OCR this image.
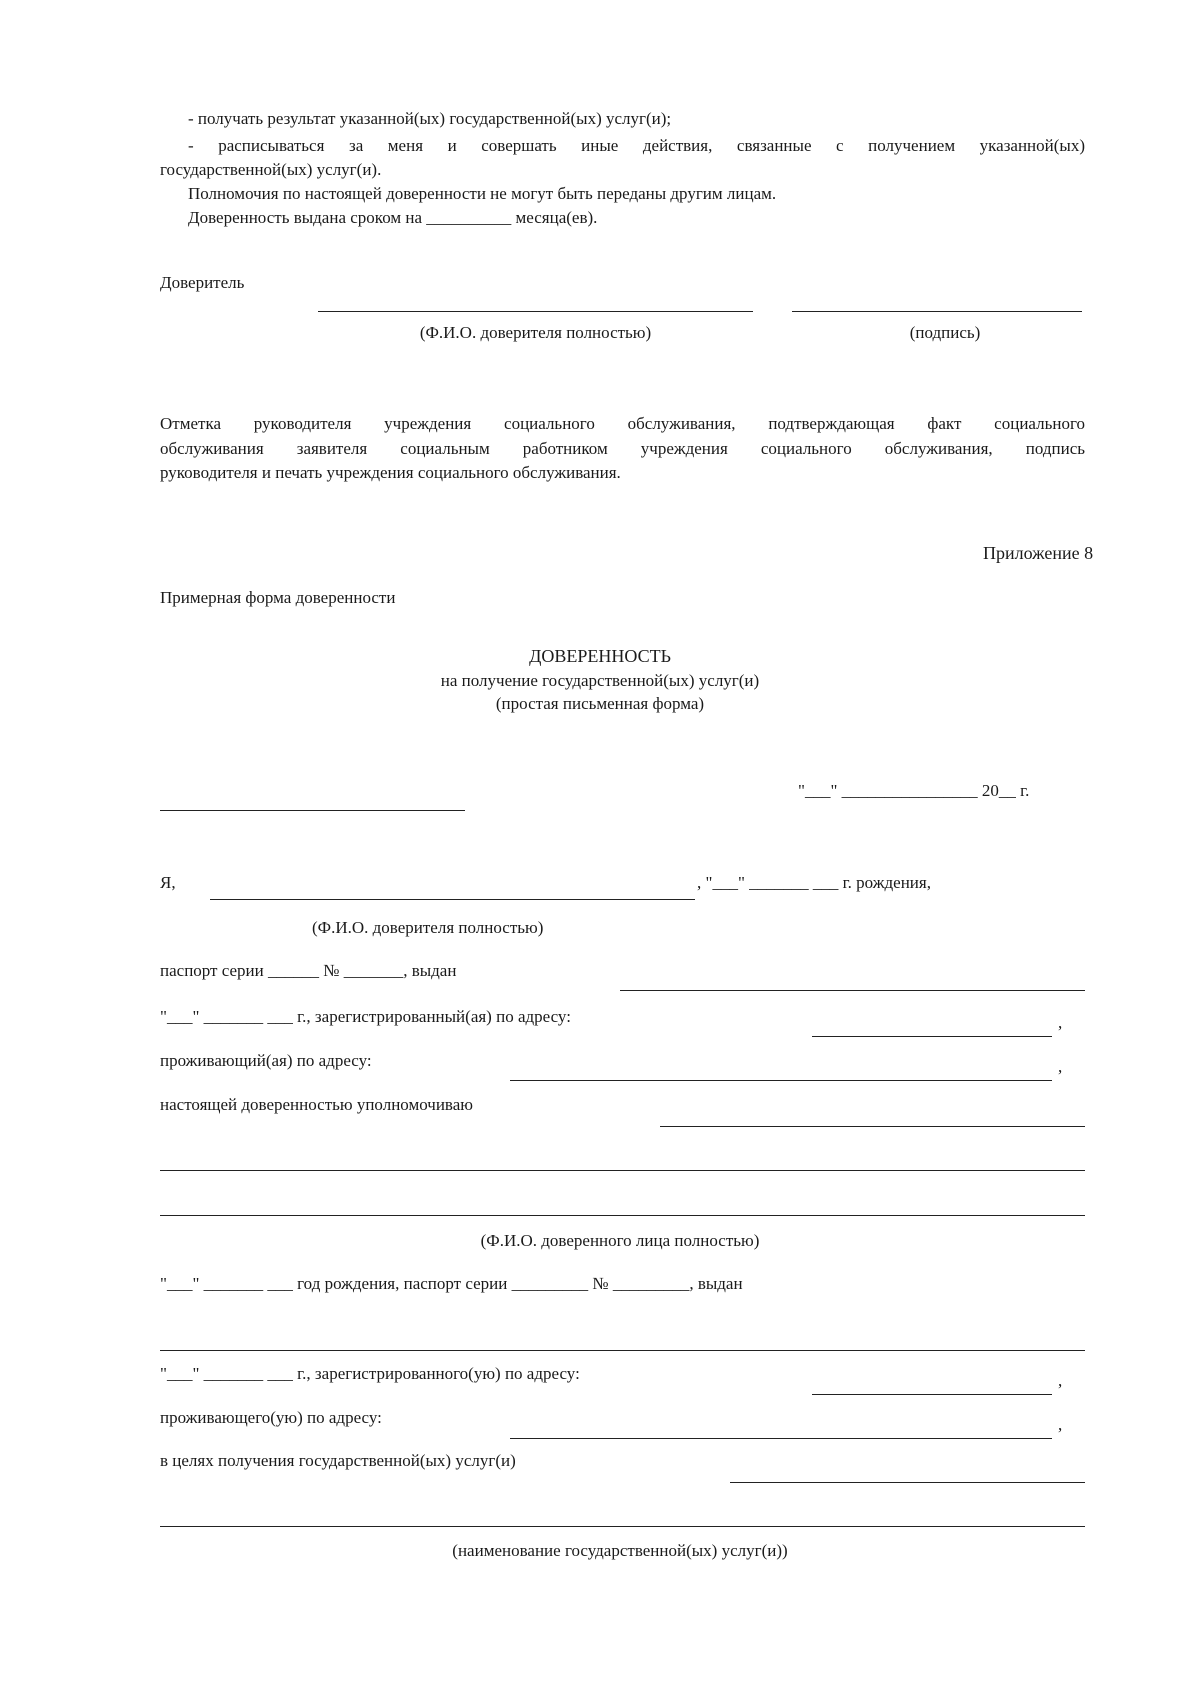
- получать результат указанной(ых) государственной(ых) услуг(и);
- расписываться за меня и совершать иные действия, связанные с получением указанной(ых)
государственной(ых) услуг(и).
Полномочия по настоящей доверенности не могут быть переданы другим лицам.
Доверенность выдана сроком на __________ месяца(ев).
Доверитель
(Ф.И.О. доверителя полностью)	(подпись)
Отметка руководителя учреждения социального обслуживания, подтверждающая факт социального
обслуживания заявителя социальным работником учреждения социального обслуживания, подпись
руководителя и печать учреждения социального обслуживания.
Приложение 8
Примерная форма доверенности
ДОВЕРЕННОСТЬ
на получение государственной(ых) услуг(и)
(простая письменная форма)
"___" ________________ 20__ г.
Я,	, "___" _______ ___ г. рождения,
(Ф.И.О. доверителя полностью)
паспорт серии ______ № _______, выдан
"___" _______ ___ г., зарегистрированный(ая) по адресу:	,
проживающий(ая) по адресу:	,
настоящей доверенностью уполномочиваю
(Ф.И.О. доверенного лица полностью)
"___" _______ ___ год рождения, паспорт серии _________ № _________, выдан
"___" _______ ___ г., зарегистрированного(ую) по адресу:	,
проживающего(ую) по адресу:	,
в целях получения государственной(ых) услуг(и)
(наименование государственной(ых) услуг(и))
